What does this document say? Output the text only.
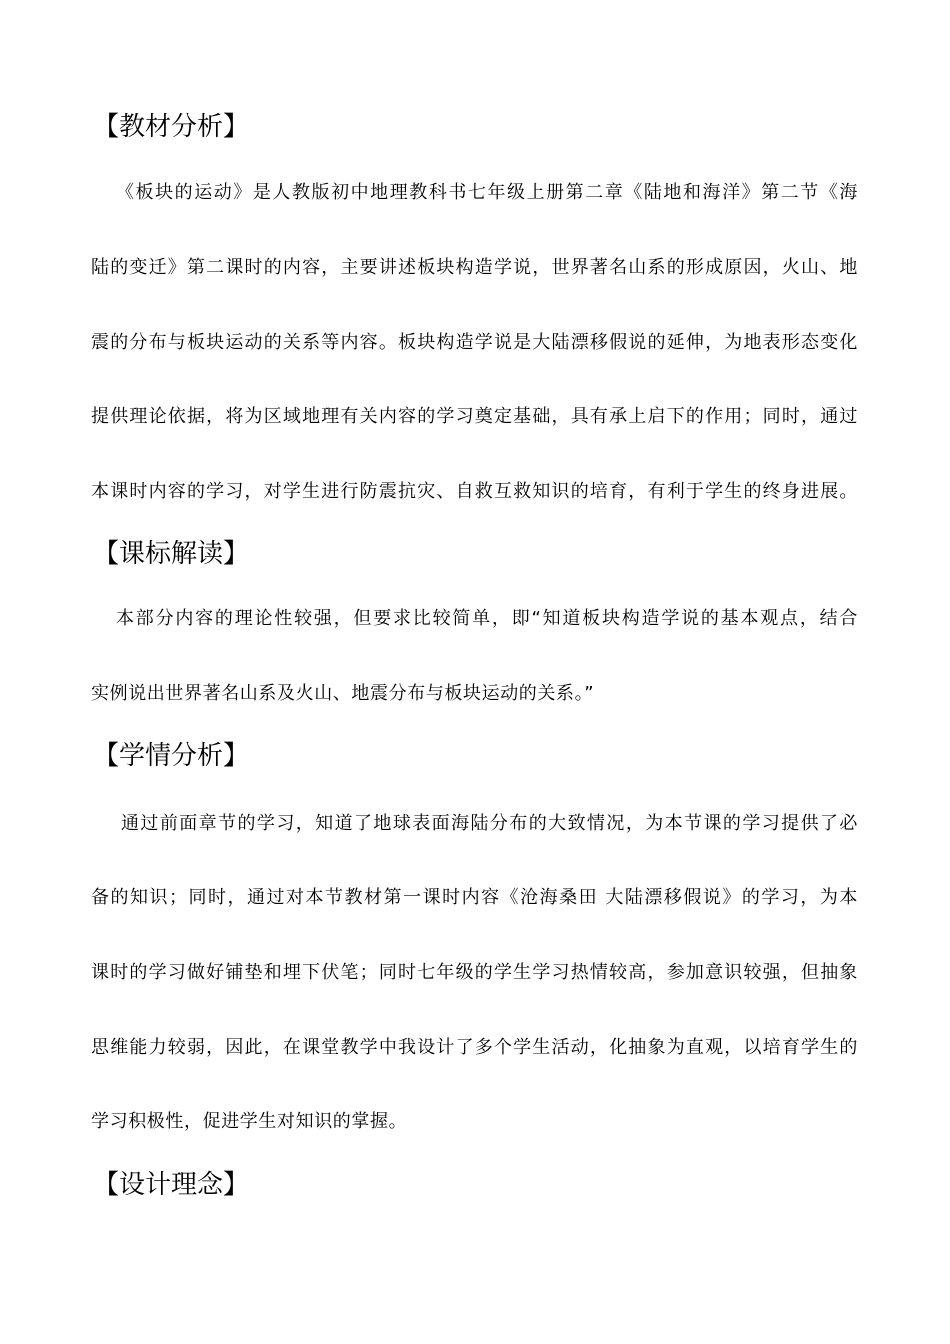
【教材分析】
《板块的运动》是人教版初中地理教科书七年级上册第二章《陆地和海洋》第二节《海
陆的变迁》第二课时的内容，主要讲述板块构造学说，世界著名山系的形成原因，火山、地
震的分布与板块运动的关系等内容。板块构造学说是大陆漂移假说的延伸，为地表形态变化
提供理论依据，将为区域地理有关内容的学习奠定基础，具有承上启下的作用；同时，通过
本课时内容的学习，对学生进行防震抗灾、自救互救知识的培育，有利于学生的终身进展。
【课标解读】
本部分内容的理论性较强，但要求比较简单，即“知道板块构造学说的基本观点，结合
实例说出世界著名山系及火山、地震分布与板块运动的关系。”
【学情分析】
通过前面章节的学习，知道了地球表面海陆分布的大致情况，为本节课的学习提供了必
备的知识；同时，通过对本节教材第一课时内容《沧海桑田 大陆漂移假说》的学习，为本
课时的学习做好铺垫和埋下伏笔；同时七年级的学生学习热情较高，参加意识较强，但抽象
思维能力较弱，因此，在课堂教学中我设计了多个学生活动，化抽象为直观，以培育学生的
学习积极性，促进学生对知识的掌握。
【设计理念】
